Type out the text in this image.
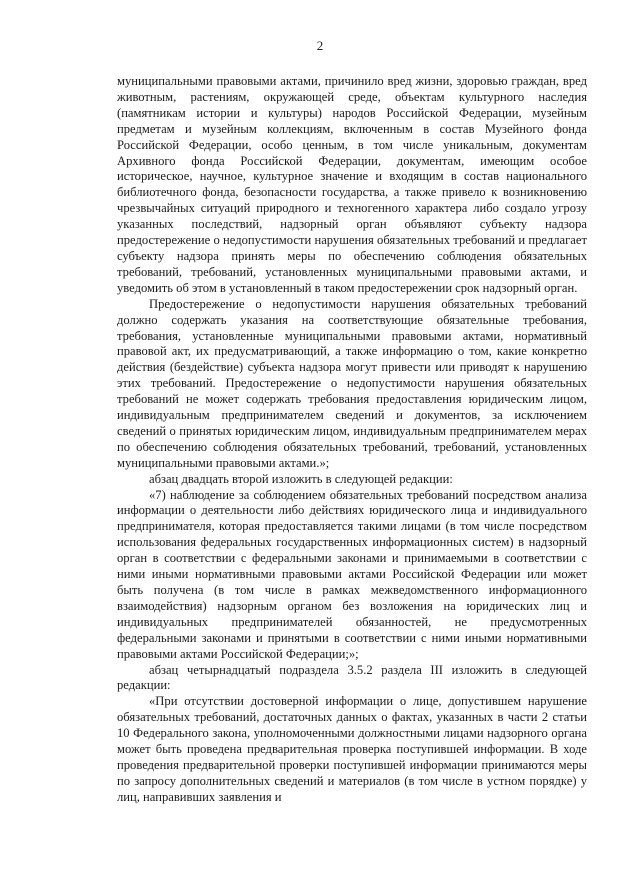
2

муниципальными правовыми актами, причинило вред жизни, здоровью граждан, вред животным, растениям, окружающей среде, объектам культурного наследия (памятникам истории и культуры) народов Российской Федерации, музейным предметам и музейным коллекциям, включенным в состав Музейного фонда Российской Федерации, особо ценным, в том числе уникальным, документам Архивного фонда Российской Федерации, документам, имеющим особое историческое, научное, культурное значение и входящим в состав национального библиотечного фонда, безопасности государства, а также привело к возникновению чрезвычайных ситуаций природного и техногенного характера либо создало угрозу указанных последствий, надзорный орган объявляют субъекту надзора предостережение о недопустимости нарушения обязательных требований и предлагает субъекту надзора принять меры по обеспечению соблюдения обязательных требований, требований, установленных муниципальными правовыми актами, и уведомить об этом в установленный в таком предостережении срок надзорный орган.

Предостережение о недопустимости нарушения обязательных требований должно содержать указания на соответствующие обязательные требования, требования, установленные муниципальными правовыми актами, нормативный правовой акт, их предусматривающий, а также информацию о том, какие конкретно действия (бездействие) субъекта надзора могут привести или приводят к нарушению этих требований. Предостережение о недопустимости нарушения обязательных требований не может содержать требования предоставления юридическим лицом, индивидуальным предпринимателем сведений и документов, за исключением сведений о принятых юридическим лицом, индивидуальным предпринимателем мерах по обеспечению соблюдения обязательных требований, требований, установленных муниципальными правовыми актами.»;

абзац двадцать второй изложить в следующей редакции:

«7) наблюдение за соблюдением обязательных требований посредством анализа информации о деятельности либо действиях юридического лица и индивидуального предпринимателя, которая предоставляется такими лицами (в том числе посредством использования федеральных государственных информационных систем) в надзорный орган в соответствии с федеральными законами и принимаемыми в соответствии с ними иными нормативными правовыми актами Российской Федерации или может быть получена (в том числе в рамках межведомственного информационного взаимодействия) надзорным органом без возложения на юридических лиц и индивидуальных предпринимателей обязанностей, не предусмотренных федеральными законами и принятыми в соответствии с ними иными нормативными правовыми актами Российской Федерации;»;

абзац четырнадцатый подраздела 3.5.2 раздела III изложить в следующей редакции:

«При отсутствии достоверной информации о лице, допустившем нарушение обязательных требований, достаточных данных о фактах, указанных в части 2 статьи 10 Федерального закона, уполномоченными должностными лицами надзорного органа может быть проведена предварительная проверка поступившей информации. В ходе проведения предварительной проверки поступившей информации принимаются меры по запросу дополнительных сведений и материалов (в том числе в устном порядке) у лиц, направивших заявления и
